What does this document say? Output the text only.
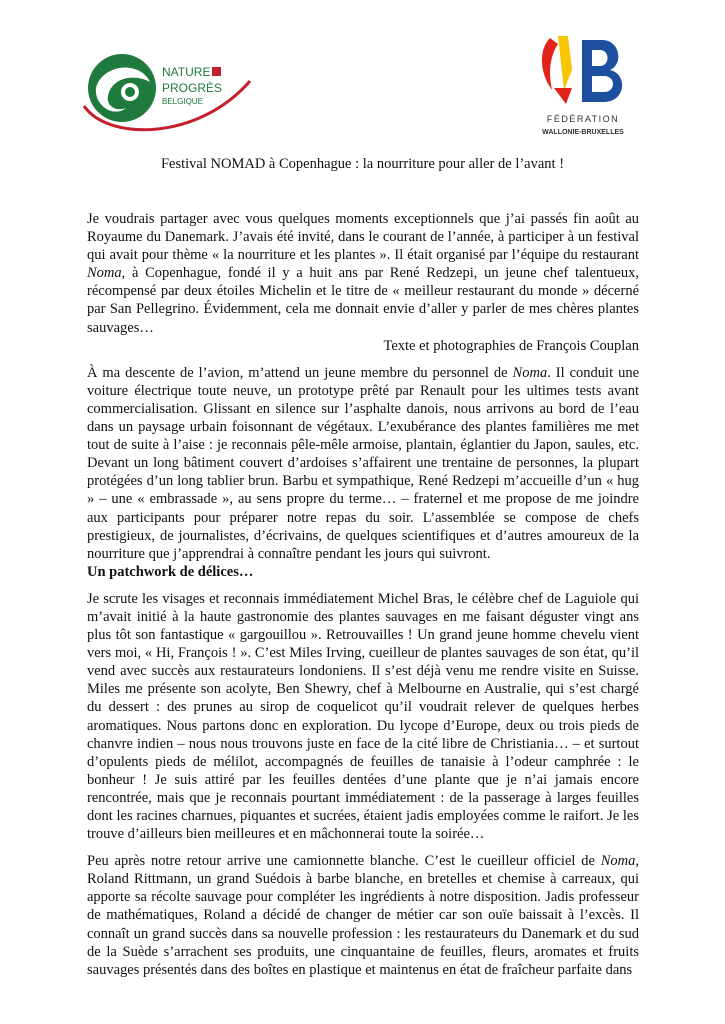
NATURE
PROGRÈS
BELGIQUE
FÉDÉRATION
WALLONIE-BRUXELLES
Festival NOMAD à Copenhague : la nourriture pour aller de l’avant !

Je voudrais partager avec vous quelques moments exceptionnels que j’ai passés fin août au Royaume du Danemark. J’avais été invité, dans le courant de l’année, à participer à un festival qui avait pour thème « la nourriture et les plantes ». Il était organisé par l’équipe du restaurant Noma, à Copenhague, fondé il y a huit ans par René Redzepi, un jeune chef talentueux, récompensé par deux étoiles Michelin et le titre de « meilleur restaurant du monde » décerné par San Pellegrino. Évidemment, cela me donnait envie d’aller y parler de mes chères plantes sauvages…

Texte et photographies de François Couplan

À ma descente de l’avion, m’attend un jeune membre du personnel de Noma. Il conduit une voiture électrique toute neuve, un prototype prêté par Renault pour les ultimes tests avant commercialisation. Glissant en silence sur l’asphalte danois, nous arrivons au bord de l’eau dans un paysage urbain foisonnant de végétaux. L’exubérance des plantes familières me met tout de suite à l’aise : je reconnais pêle-mêle armoise, plantain, églantier du Japon, saules, etc. Devant un long bâtiment couvert d’ardoises s’affairent une trentaine de personnes, la plupart protégées d’un long tablier brun. Barbu et sympathique, René Redzepi m’accueille d’un « hug » – une « embrassade », au sens propre du terme… – fraternel et me propose de me joindre aux participants pour préparer notre repas du soir. L’assemblée se compose de chefs prestigieux, de journalistes, d’écrivains, de quelques scientifiques et d’autres amoureux de la nourriture que j’apprendrai à connaître pendant les jours qui suivront.

Un patchwork de délices…

Je scrute les visages et reconnais immédiatement Michel Bras, le célèbre chef de Laguiole qui m’avait initié à la haute gastronomie des plantes sauvages en me faisant déguster vingt ans plus tôt son fantastique « gargouillou ». Retrouvailles ! Un grand jeune homme chevelu vient vers moi, « Hi, François ! ». C’est Miles Irving, cueilleur de plantes sauvages de son état, qu’il vend avec succès aux restaurateurs londoniens. Il s’est déjà venu me rendre visite en Suisse. Miles me présente son acolyte, Ben Shewry, chef à Melbourne en Australie, qui s’est chargé du dessert : des prunes au sirop de coquelicot qu’il voudrait relever de quelques herbes aromatiques. Nous partons donc en exploration. Du lycope d’Europe, deux ou trois pieds de chanvre indien – nous nous trouvons juste en face de la cité libre de Christiania… – et surtout d’opulents pieds de mélilot, accompagnés de feuilles de tanaisie à l’odeur camphrée : le bonheur ! Je suis attiré par les feuilles dentées d’une plante que je n’ai jamais encore rencontrée, mais que je reconnais pourtant immédiatement : de la passerage à larges feuilles dont les racines charnues, piquantes et sucrées, étaient jadis employées comme le raifort. Je les trouve d’ailleurs bien meilleures et en mâchonnerai toute la soirée…

Peu après notre retour arrive une camionnette blanche. C’est le cueilleur officiel de Noma, Roland Rittmann, un grand Suédois à barbe blanche, en bretelles et chemise à carreaux, qui apporte sa récolte sauvage pour compléter les ingrédients à notre disposition. Jadis professeur de mathématiques, Roland a décidé de changer de métier car son ouïe baissait à l’excès. Il connaît un grand succès dans sa nouvelle profession : les restaurateurs du Danemark et du sud de la Suède s’arrachent ses produits, une cinquantaine de feuilles, fleurs, aromates et fruits sauvages présentés dans des boîtes en plastique et maintenus en état de fraîcheur parfaite dans
